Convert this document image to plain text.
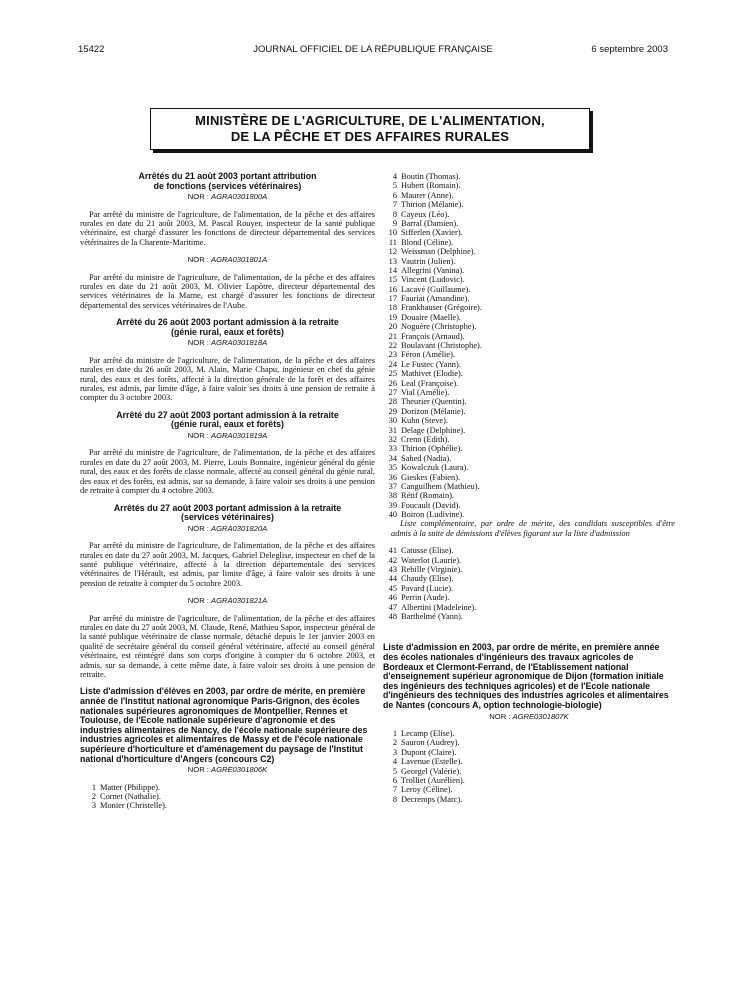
15422	JOURNAL OFFICIEL DE LA RÉPUBLIQUE FRANÇAISE	6 septembre 2003
MINISTÈRE DE L'AGRICULTURE, DE L'ALIMENTATION,
DE LA PÊCHE ET DES AFFAIRES RURALES
Arrêtés du 21 août 2003 portant attribution
de fonctions (services vétérinaires)
NOR : AGRA0301800A

Par arrêté du ministre de l'agriculture, de l'alimentation, de la pêche et des affaires rurales en date du 21 août 2003, M. Pascal Rouyer, inspecteur de la santé publique vétérinaire, est chargé d'assurer les fonctions de directeur départemental des services vétérinaires de la Charente-Maritime.

NOR : AGRA0301801A

Par arrêté du ministre de l'agriculture, de l'alimentation, de la pêche et des affaires rurales en date du 21 août 2003, M. Olivier Lapôtre, directeur départemental des services vétérinaires de la Marne, est chargé d'assurer les fonctions de directeur départemental des services vétérinaires de l'Aube.

Arrêté du 26 août 2003 portant admission à la retraite
(génie rural, eaux et forêts)
NOR : AGRA0301818A

Par arrêté du ministre de l'agriculture, de l'alimentation, de la pêche et des affaires rurales en date du 26 août 2003, M. Alain, Marie Chapu, ingénieur en chef du génie rural, des eaux et des forêts, affecté à la direction générale de la forêt et des affaires rurales, est admis, par limite d'âge, à faire valoir ses droits à une pension de retraite à compter du 3 octobre 2003.

Arrêté du 27 août 2003 portant admission à la retraite
(génie rural, eaux et forêts)
NOR : AGRA0301819A

Par arrêté du ministre de l'agriculture, de l'alimentation, de la pêche et des affaires rurales en date du 27 août 2003, M. Pierre, Louis Bonnaire, ingénieur général du génie rural, des eaux et des forêts de classe normale, affecté au conseil général du génie rural, des eaux et des forêts, est admis, sur sa demande, à faire valoir ses droits à une pension de retraite à compter du 4 octobre 2003.

Arrêtés du 27 août 2003 portant admission à la retraite
(services vétérinaires)
NOR : AGRA0301820A

Par arrêté du ministre de l'agriculture, de l'alimentation, de la pêche et des affaires rurales en date du 27 août 2003, M. Jacques, Gabriel Deleglise, inspecteur en chef de la santé publique vétérinaire, affecté à la direction départementale des services vétérinaires de l'Hérault, est admis, par limite d'âge, à faire valoir ses droits à une pension de retraite à compter du 5 octobre 2003.

NOR : AGRA0301821A

Par arrêté du ministre de l'agriculture, de l'alimentation, de la pêche et des affaires rurales en date du 27 août 2003, M. Claude, René, Mathieu Sapor, inspecteur général de la santé publique vétérinaire de classe normale, détaché depuis le 1er janvier 2003 en qualité de secrétaire général du conseil général vétérinaire, affecté au conseil général vétérinaire, est réintégré dans son corps d'origine à compter du 6 octobre 2003, et admis, sur sa demande, à cette même date, à faire valoir ses droits à une pension de retraite.

Liste d'admission d'élèves en 2003, par ordre de mérite, en première année de l'Institut national agronomique Paris-Grignon, des écoles nationales supérieures agronomiques de Montpellier, Rennes et Toulouse, de l'Ecole nationale supérieure d'agronomie et des industries alimentaires de Nancy, de l'école nationale supérieure des industries agricoles et alimentaires de Massy et de l'école nationale supérieure d'horticulture et d'aménagement du paysage de l'Institut national d'horticulture d'Angers (concours C2)
NOR : AGRE0301806K
1 Matter (Philippe).
2 Cornet (Nathalie).
3 Monier (Christelle).
4 Boutin (Thomas).
5 Hubert (Romain).
6 Maurer (Anne).
7 Thirion (Mélanie).
8 Cayeux (Léo).
9 Barral (Damien).
10 Sifferlen (Xavier).
11 Blond (Céline).
12 Weissman (Delphine).
13 Vautrin (Julien).
14 Allegrini (Vanina).
15 Vincent (Ludovic).
16 Lacavé (Guillaume).
17 Fauriat (Amandine).
18 Frankhauser (Grégoire).
19 Douaire (Maelle).
20 Noguère (Christophe).
21 François (Arnaud).
22 Boulavant (Christophe).
23 Féron (Amélie).
24 Le Fustec (Yann).
25 Mathivet (Elodie).
26 Leal (Françoise).
27 Vial (Amélie).
28 Theurier (Quentin).
29 Dorizon (Mélanie).
30 Kuhn (Steve).
31 Delage (Delphine).
32 Crenn (Edith).
33 Thirion (Ophélie).
34 Sahed (Nadia).
35 Kowalczuk (Laura).
36 Gieskes (Fabien).
37 Canguilhem (Mathieu).
38 Rétif (Romain).
39 Foucault (David).
40 Boiron (Ludivine).

Liste complémentaire, par ordre de mérite, des candidats susceptibles d'être admis à la suite de démissions d'élèves figurant sur la liste d'admission

41 Catusse (Elise).
42 Waterlot (Laurie).
43 Rebille (Virginie).
44 Chaudy (Elise).
45 Pavard (Lucie).
46 Perrin (Aude).
47 Albertini (Madeleine).
48 Barthelmé (Yann).
Liste d'admission en 2003, par ordre de mérite, en première année des écoles nationales d'ingénieurs des travaux agricoles de Bordeaux et Clermont-Ferrand, de l'Etablissement national d'enseignement supérieur agronomique de Dijon (formation initiale des ingénieurs des techniques agricoles) et de l'Ecole nationale d'ingénieurs des techniques des industries agricoles et alimentaires de Nantes (concours A, option technologie-biologie)
NOR : AGRE0301807K
1 Lecamp (Elise).
2 Sauron (Audrey).
3 Dupont (Claire).
4 Lavenue (Estelle).
5 Georgel (Valérie).
6 Trolliet (Aurélien).
7 Leroy (Céline).
8 Decremps (Marc).
